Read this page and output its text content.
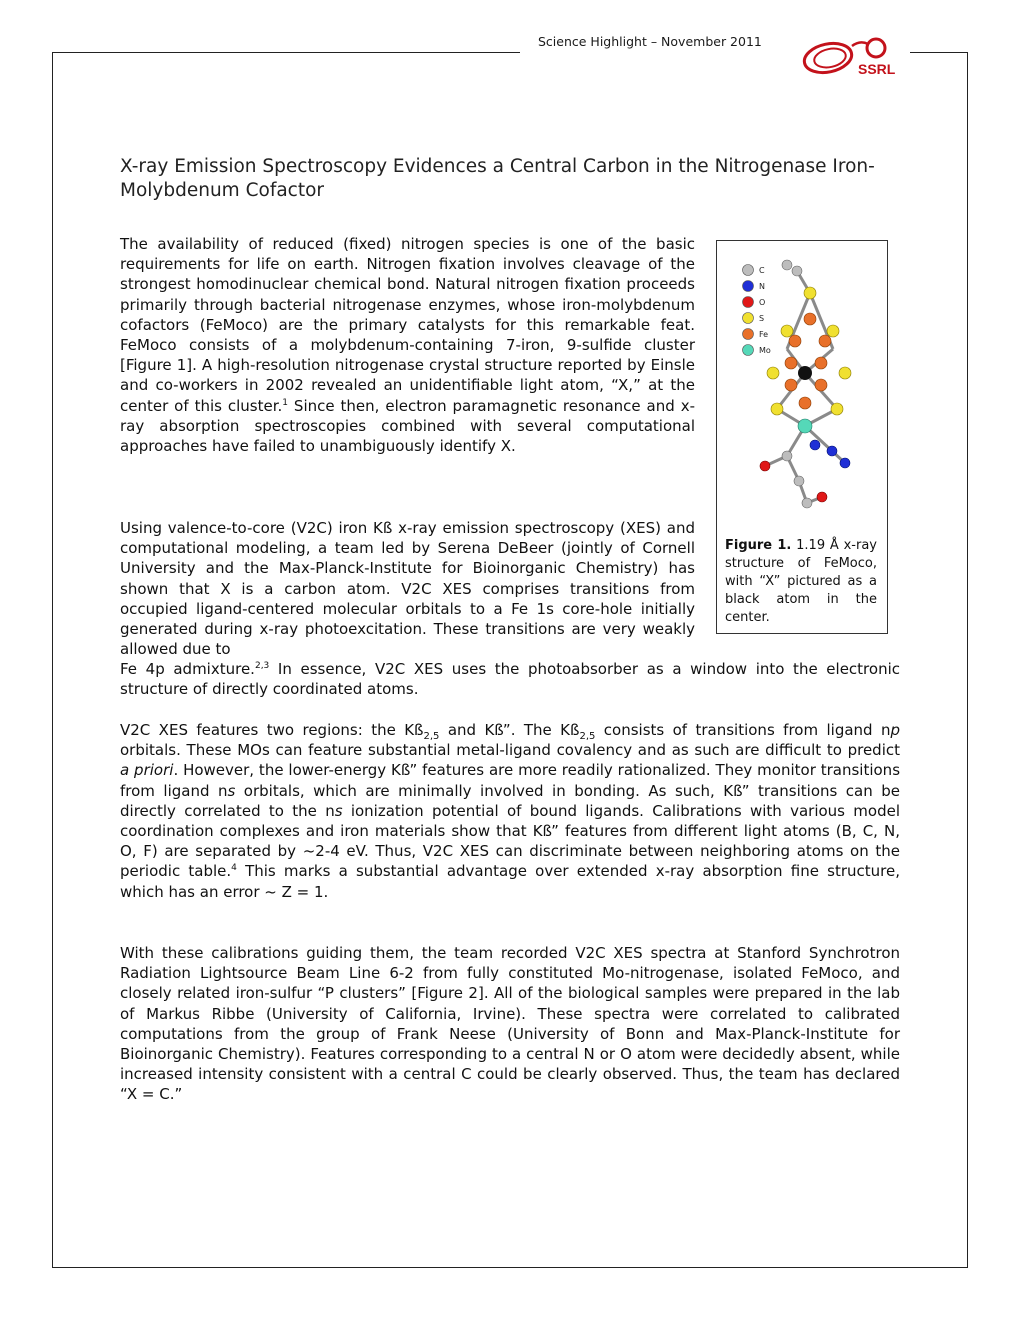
Science Highlight – November 2011
SSRL
X-ray Emission Spectroscopy Evidences a Central Carbon in the Nitrogenase Iron-Molybdenum Cofactor

The availability of reduced (fixed) nitrogen species is one of the basic requirements for life on earth. Nitrogen fixation involves cleavage of the strongest homodinuclear chemical bond. Natural nitrogen fixation proceeds primarily through bacterial nitrogenase enzymes, whose iron-molybdenum cofactors (FeMoco) are the primary catalysts for this remarkable feat. FeMoco consists of a molybdenum-containing 7-iron, 9-sulfide cluster [Figure 1]. A high-resolution nitrogenase crystal structure reported by Einsle and co-workers in 2002 revealed an unidentifiable light atom, “X,” at the center of this cluster.$^1$ Since then, electron paramagnetic resonance and x-ray absorption spectroscopies combined with several computational approaches have failed to unambiguously identify X.

Using valence-to-core (V2C) iron Kß x-ray emission spectroscopy (XES) and computational modeling, a team led by Serena DeBeer (jointly of Cornell University and the Max-Planck-Institute for Bioinorganic Chemistry) has shown that X is a carbon atom. V2C XES comprises transitions from occupied ligand-centered molecular orbitals to a Fe 1s core-hole initially generated during x-ray photoexcitation. These transitions are very weakly allowed due to

Fe 4p admixture.$^{2,3}$ In essence, V2C XES uses the photoabsorber as a window into the electronic structure of directly coordinated atoms.

V2C XES features two regions: the $Kß_{2,5}$ and Kß”. The $Kß_{2,5}$ consists of transitions from ligand np orbitals. These MOs can feature substantial metal-ligand covalency and as such are difficult to predict a priori. However, the lower-energy Kß” features are more readily rationalized. They monitor transitions from ligand ns orbitals, which are minimally involved in bonding. As such, Kß” transitions can be directly correlated to the ns ionization potential of bound ligands. Calibrations with various model coordination complexes and iron materials show that Kß” features from different light atoms (B, C, N, O, F) are separated by ~2-4 eV. Thus, V2C XES can discriminate between neighboring atoms on the periodic table.$^4$ This marks a substantial advantage over extended x-ray absorption fine structure, which has an error ~ Z = 1.

With these calibrations guiding them, the team recorded V2C XES spectra at Stanford Synchrotron Radiation Lightsource Beam Line 6-2 from fully constituted Mo-nitrogenase, isolated FeMoco, and closely related iron-sulfur “P clusters” [Figure 2]. All of the biological samples were prepared in the lab of Markus Ribbe (University of California, Irvine). These spectra were correlated to calibrated computations from the group of Frank Neese (University of Bonn and Max-Planck-Institute for Bioinorganic Chemistry). Features corresponding to a central N or O atom were decidedly absent, while increased intensity consistent with a central C could be clearly observed. Thus, the team has declared “X = C.”

C
N
O
S
Fe
Mo
Figure 1. 1.19 Å x-ray structure of FeMoco, with “X” pictured as a black atom in the center.
